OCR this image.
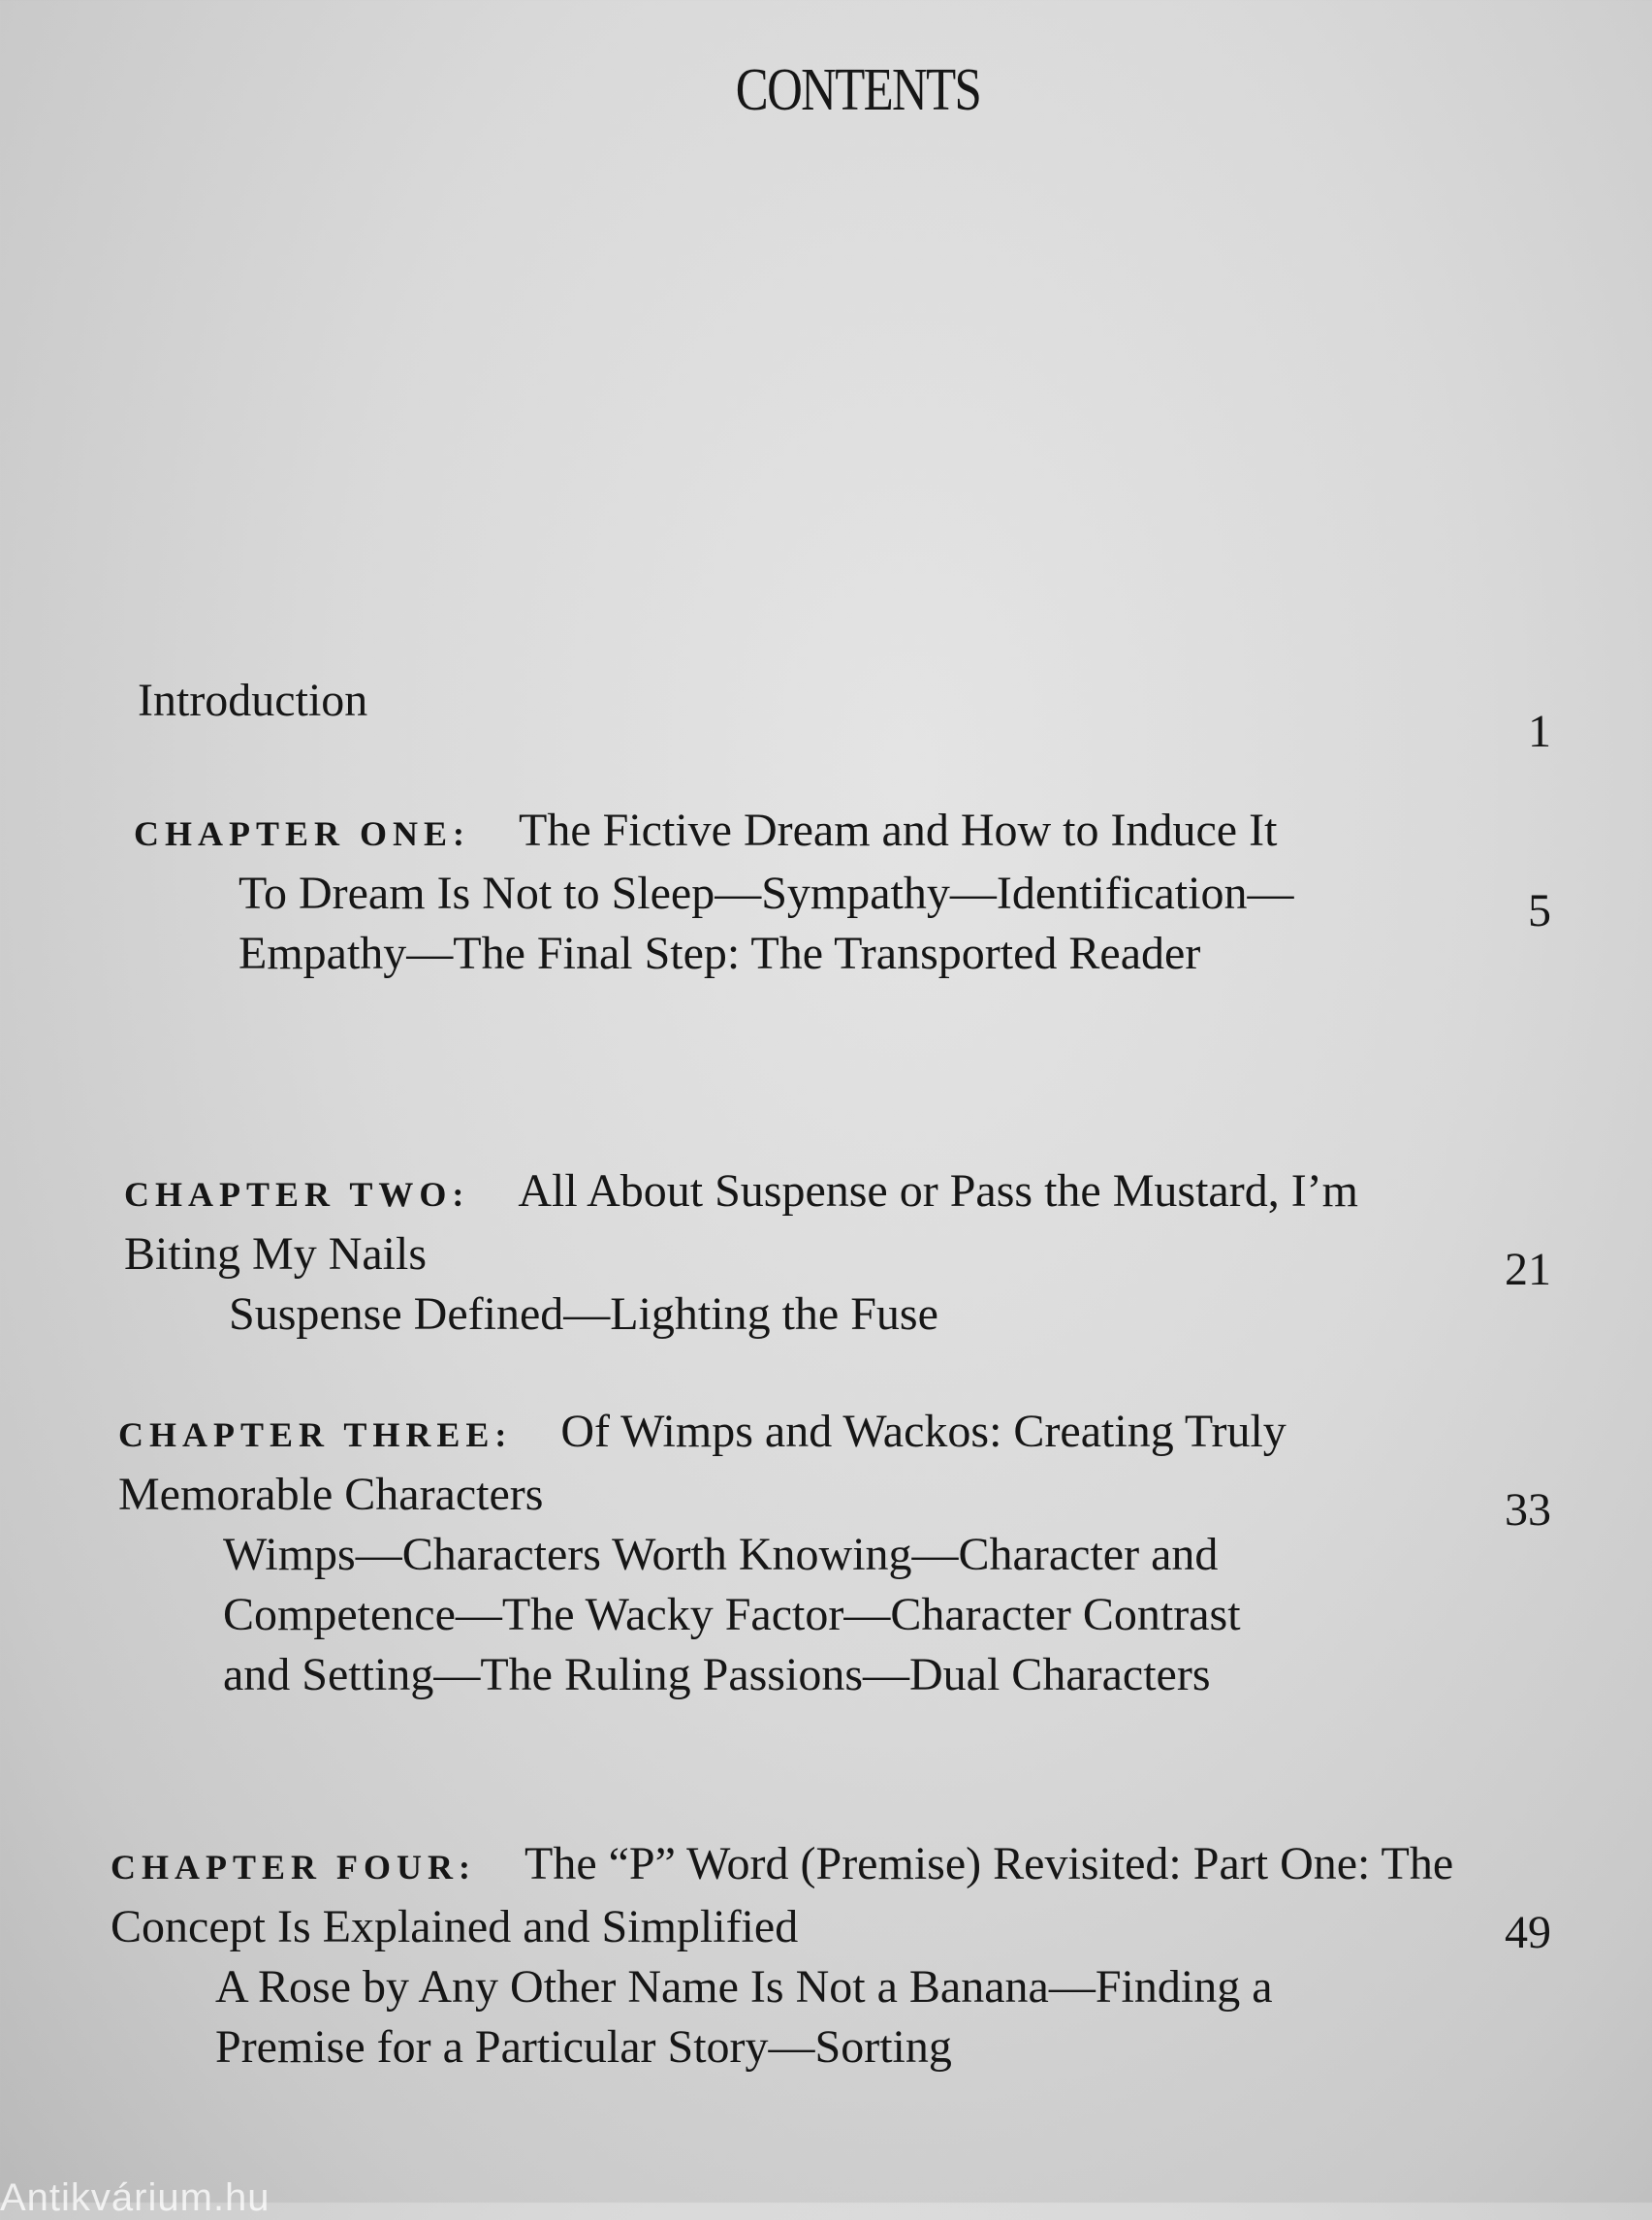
CONTENTS
Introduction
1
CHAPTER ONE: The Fictive Dream and How to Induce It
To Dream Is Not to Sleep—Sympathy—Identification—Empathy—The Final Step: The Transported Reader
5
CHAPTER TWO: All About Suspense or Pass the Mustard, I’m Biting My Nails
Suspense Defined—Lighting the Fuse
21
CHAPTER THREE: Of Wimps and Wackos: Creating Truly Memorable Characters
Wimps—Characters Worth Knowing—Character and Competence—The Wacky Factor—Character Contrast and Setting—The Ruling Passions—Dual Characters
33
CHAPTER FOUR: The “P” Word (Premise) Revisited: Part One: The Concept Is Explained and Simplified
A Rose by Any Other Name Is Not a Banana—Finding a Premise for a Particular Story—Sorting
49
Antikvárium.hu
